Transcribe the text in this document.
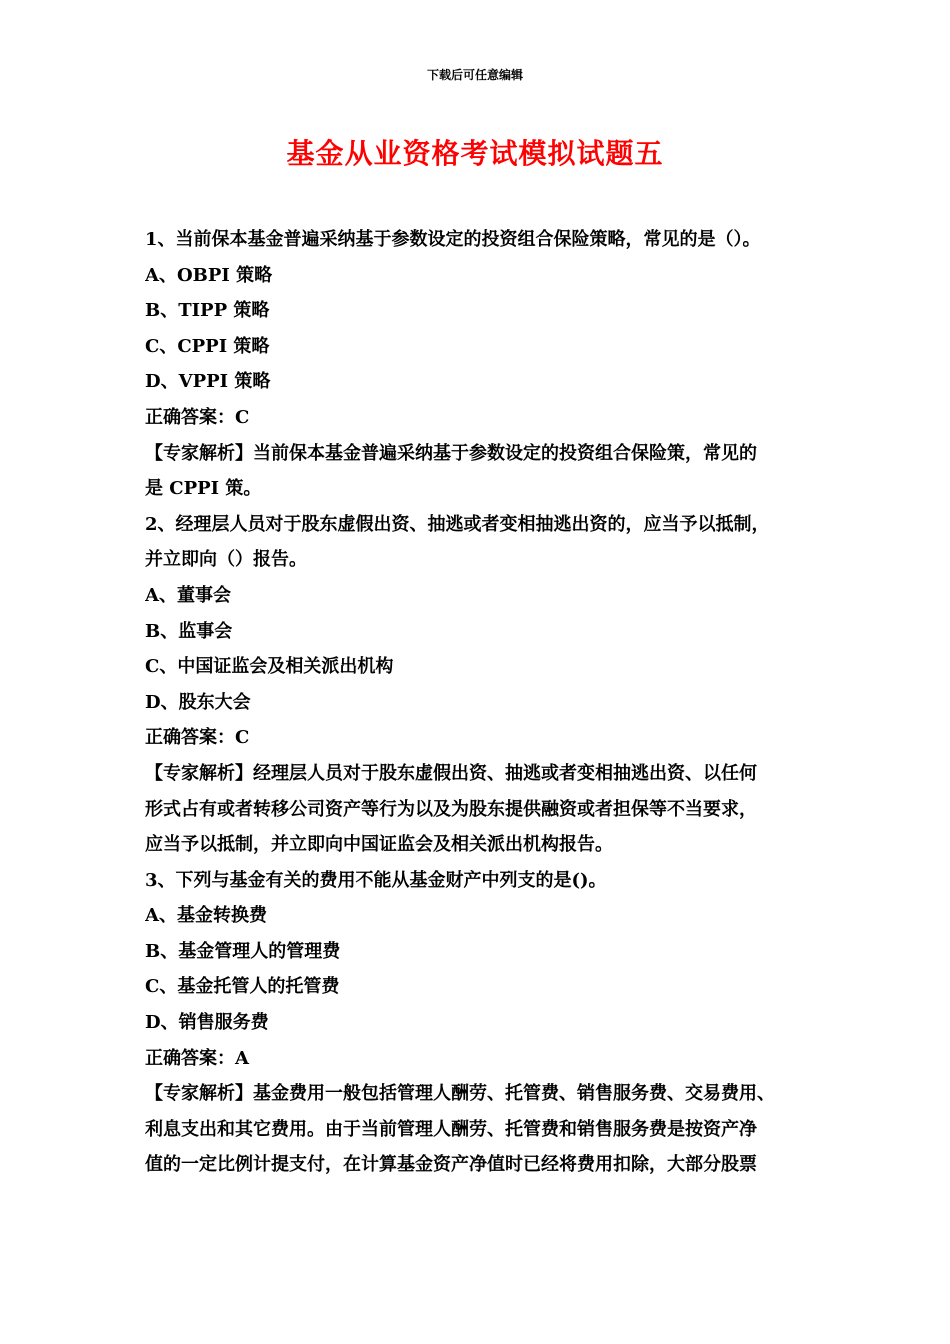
下载后可任意编辑
基金从业资格考试模拟试题五
1、当前保本基金普遍采纳基于参数设定的投资组合保险策略，常见的是（）。
A、OBPI 策略
B、TIPP 策略
C、CPPI 策略
D、VPPI 策略
正确答案：C
【专家解析】当前保本基金普遍采纳基于参数设定的投资组合保险策，常见的
是 CPPI 策。
2、经理层人员对于股东虚假出资、抽逃或者变相抽逃出资的，应当予以抵制，
并立即向（）报告。
A、董事会
B、监事会
C、中国证监会及相关派出机构
D、股东大会
正确答案：C
【专家解析】经理层人员对于股东虚假出资、抽逃或者变相抽逃出资、以任何
形式占有或者转移公司资产等行为以及为股东提供融资或者担保等不当要求，
应当予以抵制，并立即向中国证监会及相关派出机构报告。
3、下列与基金有关的费用不能从基金财产中列支的是()。
A、基金转换费
B、基金管理人的管理费
C、基金托管人的托管费
D、销售服务费
正确答案：A
【专家解析】基金费用一般包括管理人酬劳、托管费、销售服务费、交易费用、
利息支出和其它费用。由于当前管理人酬劳、托管费和销售服务费是按资产净
值的一定比例计提支付，在计算基金资产净值时已经将费用扣除，大部分股票
